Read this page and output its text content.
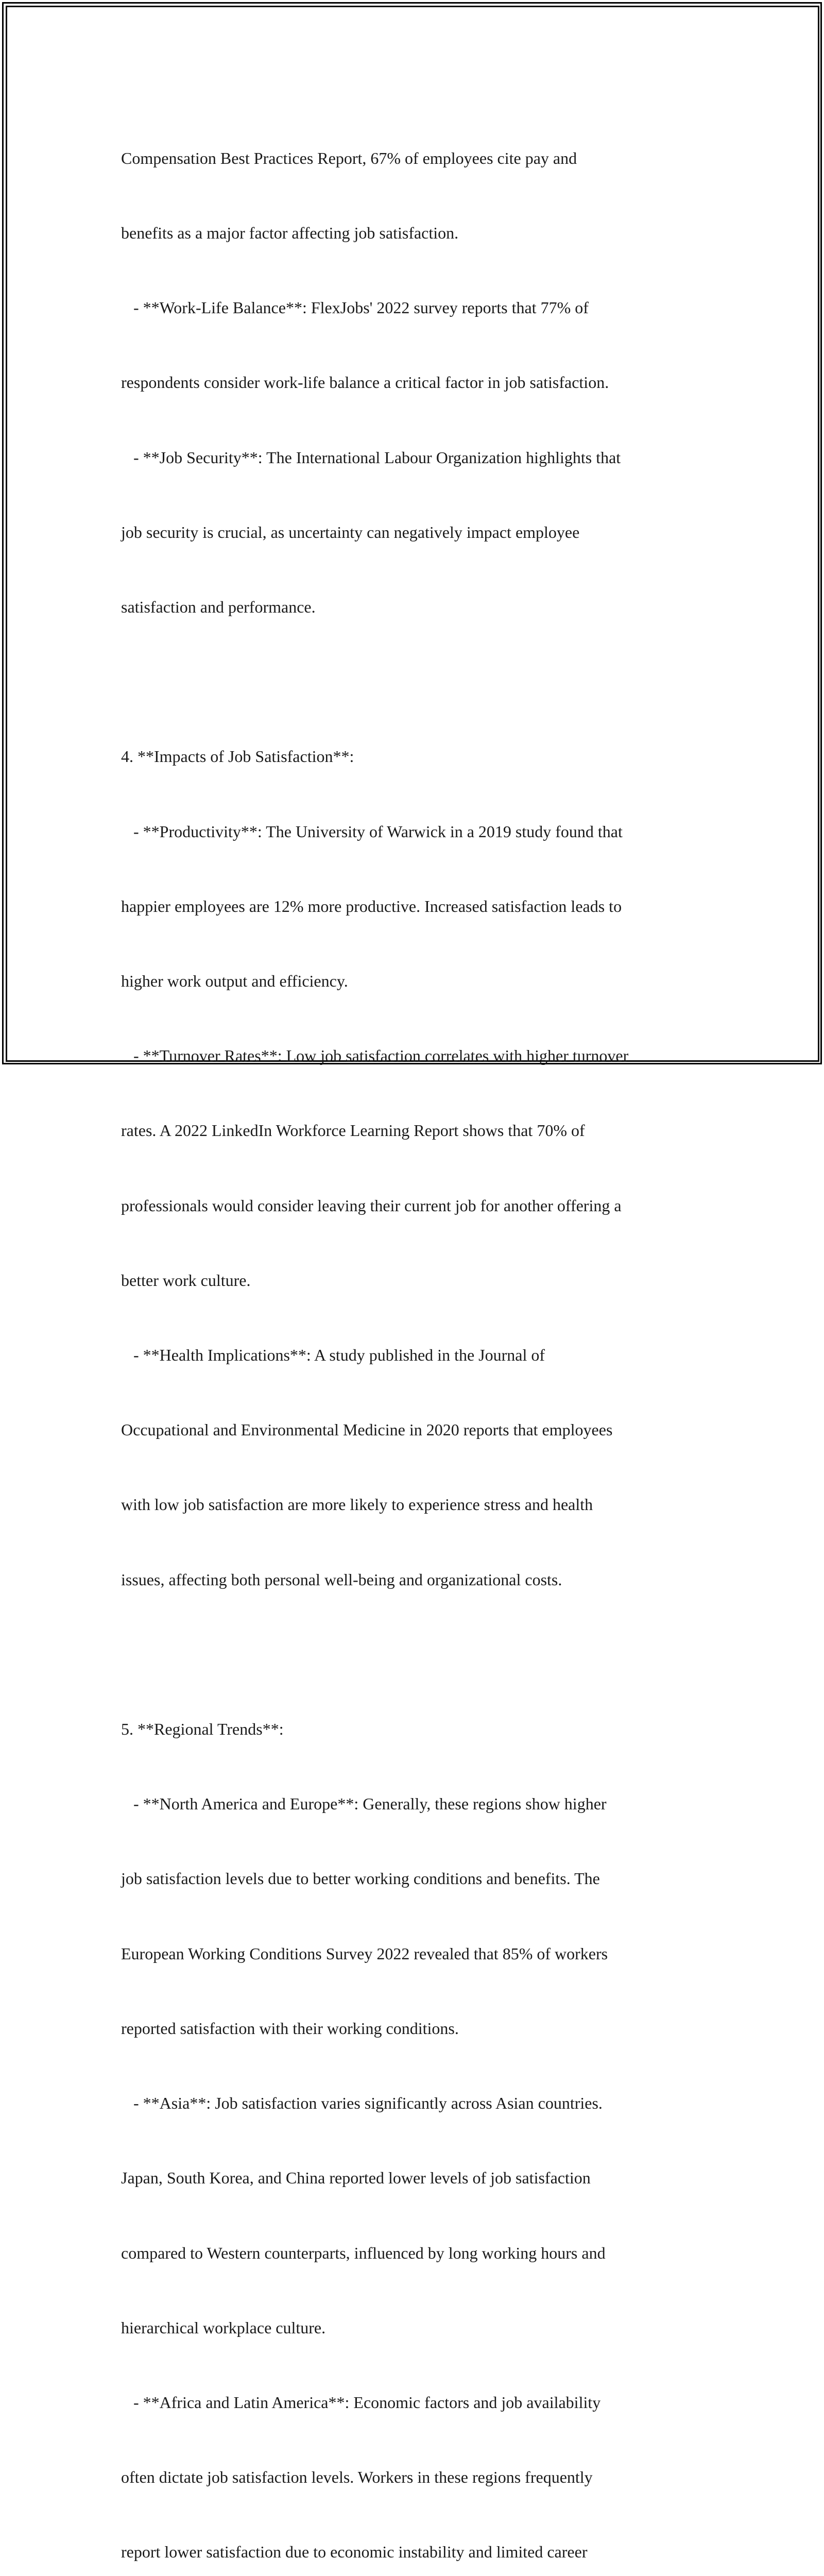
Compensation Best Practices Report, 67% of employees cite pay and

benefits as a major factor affecting job satisfaction.

- **Work-Life Balance**: FlexJobs' 2022 survey reports that 77% of

respondents consider work-life balance a critical factor in job satisfaction.

- **Job Security**: The International Labour Organization highlights that

job security is crucial, as uncertainty can negatively impact employee

satisfaction and performance.

4. **Impacts of Job Satisfaction**:

- **Productivity**: The University of Warwick in a 2019 study found that

happier employees are 12% more productive. Increased satisfaction leads to

higher work output and efficiency.

- **Turnover Rates**: Low job satisfaction correlates with higher turnover

rates. A 2022 LinkedIn Workforce Learning Report shows that 70% of

professionals would consider leaving their current job for another offering a

better work culture.

- **Health Implications**: A study published in the Journal of

Occupational and Environmental Medicine in 2020 reports that employees

with low job satisfaction are more likely to experience stress and health

issues, affecting both personal well-being and organizational costs.

5. **Regional Trends**:

- **North America and Europe**: Generally, these regions show higher

job satisfaction levels due to better working conditions and benefits. The

European Working Conditions Survey 2022 revealed that 85% of workers

reported satisfaction with their working conditions.

- **Asia**: Job satisfaction varies significantly across Asian countries.

Japan, South Korea, and China reported lower levels of job satisfaction

compared to Western counterparts, influenced by long working hours and

hierarchical workplace culture.

- **Africa and Latin America**: Economic factors and job availability

often dictate job satisfaction levels. Workers in these regions frequently

report lower satisfaction due to economic instability and limited career
